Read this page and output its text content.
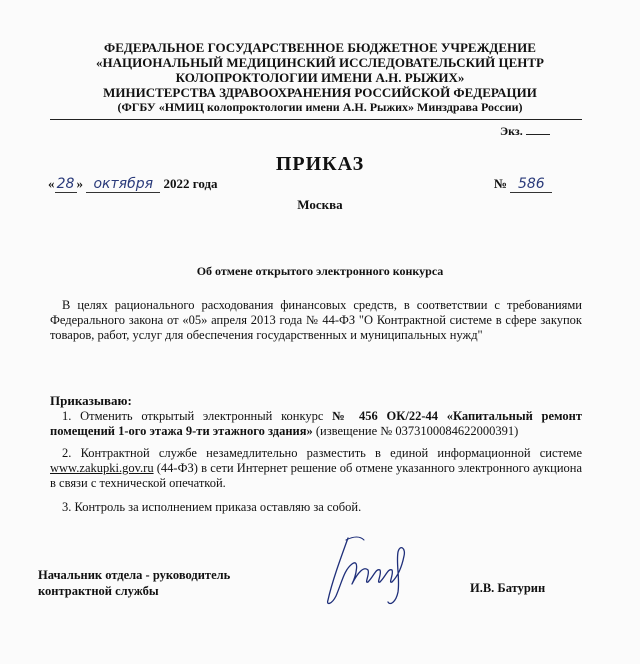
ФЕДЕРАЛЬНОЕ ГОСУДАРСТВЕННОЕ БЮДЖЕТНОЕ УЧРЕЖДЕНИЕ
«НАЦИОНАЛЬНЫЙ МЕДИЦИНСКИЙ ИССЛЕДОВАТЕЛЬСКИЙ ЦЕНТР
КОЛОПРОКТОЛОГИИ ИМЕНИ А.Н. РЫЖИХ»
МИНИСТЕРСТВА ЗДРАВООХРАНЕНИЯ РОССИЙСКОЙ ФЕДЕРАЦИИ
(ФГБУ «НМИЦ колопроктологии имени А.Н. Рыжих» Минздрава России)
Экз.
ПРИКАЗ
« 28 » октября 2022 года	№ 586
Москва
Об отмене открытого электронного конкурса
В целях рационального расходования финансовых средств, в соответствии с требованиями Федерального закона от «05» апреля 2013 года № 44-ФЗ "О Контрактной системе в сфере закупок товаров, работ, услуг для обеспечения государственных и муниципальных нужд"
Приказываю:
1. Отменить открытый электронный конкурс № 456 ОК/22-44 «Капитальный ремонт помещений 1-ого этажа 9-ти этажного здания» (извещение № 0373100084622000391)
2. Контрактной службе незамедлительно разместить в единой информационной системе www.zakupki.gov.ru (44-ФЗ) в сети Интернет решение об отмене указанного электронного аукциона в связи с технической опечаткой.
3. Контроль за исполнением приказа оставляю за собой.
Начальник отдела - руководитель
контрактной службы	И.В. Батурин
